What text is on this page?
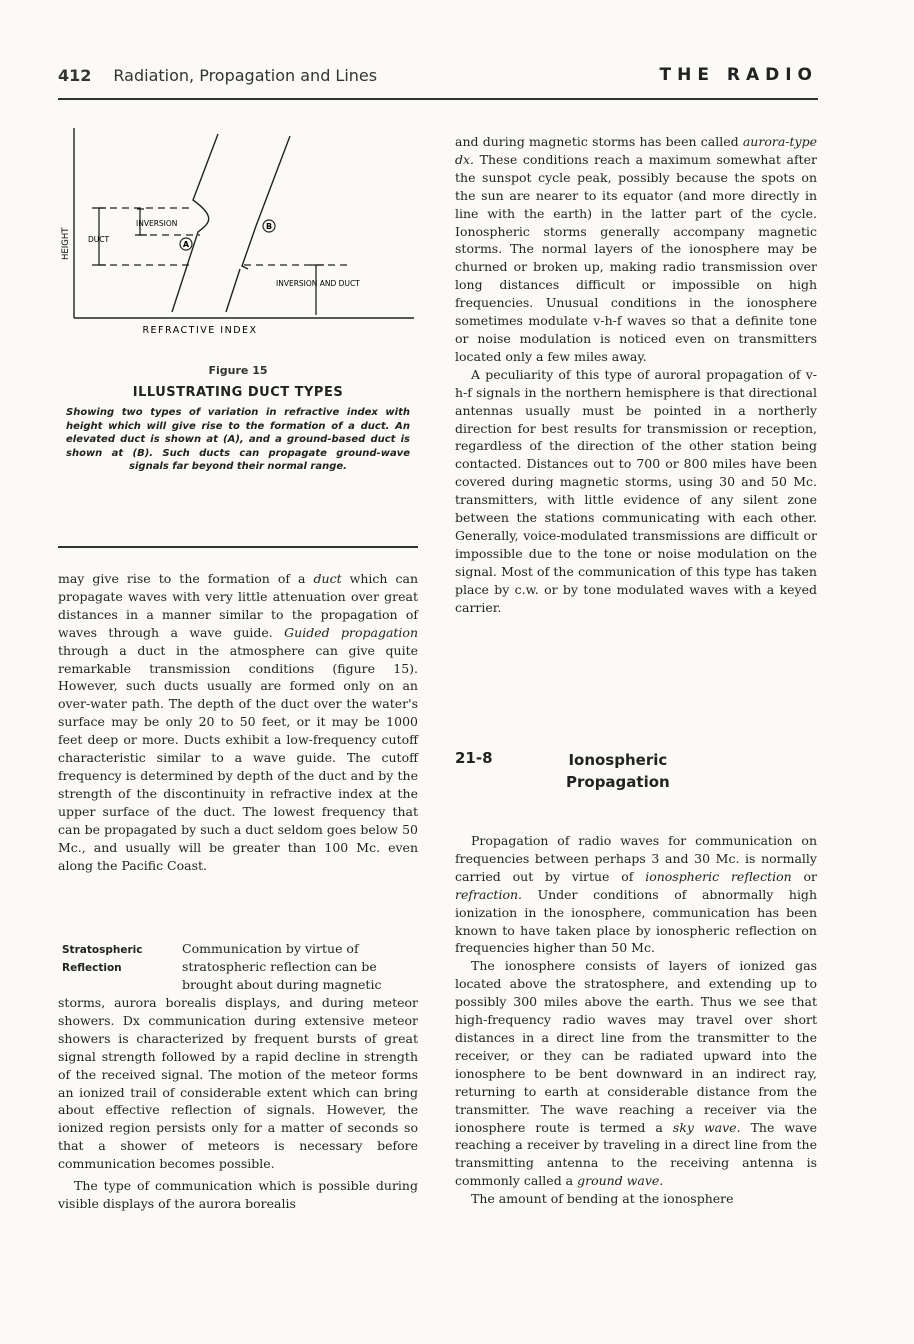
412 Radiation, Propagation and Lines	THE RADIO
A
B
INVERSION
DUCT
INVERSION AND DUCT
HEIGHT
REFRACTIVE INDEX
Figure 15
ILLUSTRATING DUCT TYPES
Showing two types of variation in refractive index with height which will give rise to the formation of a duct. An elevated duct is shown at (A), and a ground-based duct is shown at (B). Such ducts can propagate ground-wave signals far beyond their normal range.

may give rise to the formation of a duct which can propagate waves with very little attenuation over great distances in a manner similar to the propagation of waves through a wave guide. Guided propagation through a duct in the atmosphere can give quite remarkable transmission conditions (figure 15). However, such ducts usually are formed only on an over-water path. The depth of the duct over the water's surface may be only 20 to 50 feet, or it may be 1000 feet deep or more. Ducts exhibit a low-frequency cutoff characteristic similar to a wave guide. The cutoff frequency is determined by depth of the duct and by the strength of the discontinuity in refractive index at the upper surface of the duct. The lowest frequency that can be propagated by such a duct seldom goes below 50 Mc., and usually will be greater than 100 Mc. even along the Pacific Coast.

Stratospheric
Reflection

Communication by virtue of

stratospheric reflection can be

brought about during magnetic

storms, aurora borealis displays, and during meteor showers. Dx communication during extensive meteor showers is characterized by frequent bursts of great signal strength followed by a rapid decline in strength of the received signal. The motion of the meteor forms an ionized trail of considerable extent which can bring about effective reflection of signals. However, the ionized region persists only for a matter of seconds so that a shower of meteors is necessary before communication becomes possible.

The type of communication which is possible during visible displays of the aurora borealis

and during magnetic storms has been called aurora-type dx. These conditions reach a maximum somewhat after the sunspot cycle peak, possibly because the spots on the sun are nearer to its equator (and more directly in line with the earth) in the latter part of the cycle. Ionospheric storms generally accompany magnetic storms. The normal layers of the ionosphere may be churned or broken up, making radio transmission over long distances difficult or impossible on high frequencies. Unusual conditions in the ionosphere sometimes modulate v-h-f waves so that a definite tone or noise modulation is noticed even on transmitters located only a few miles away.

A peculiarity of this type of auroral propagation of v-h-f signals in the northern hemisphere is that directional antennas usually must be pointed in a northerly direction for best results for transmission or reception, regardless of the direction of the other station being contacted. Distances out to 700 or 800 miles have been covered during magnetic storms, using 30 and 50 Mc. transmitters, with little evidence of any silent zone between the stations communicating with each other. Generally, voice-modulated transmissions are difficult or impossible due to the tone or noise modulation on the signal. Most of the communication of this type has taken place by c.w. or by tone modulated waves with a keyed carrier.

21-8	Ionospheric
Propagation

Propagation of radio waves for communication on frequencies between perhaps 3 and 30 Mc. is normally carried out by virtue of ionospheric reflection or refraction. Under conditions of abnormally high ionization in the ionosphere, communication has been known to have taken place by ionospheric reflection on frequencies higher than 50 Mc.

The ionosphere consists of layers of ionized gas located above the stratosphere, and extending up to possibly 300 miles above the earth. Thus we see that high-frequency radio waves may travel over short distances in a direct line from the transmitter to the receiver, or they can be radiated upward into the ionosphere to be bent downward in an indirect ray, returning to earth at considerable distance from the transmitter. The wave reaching a receiver via the ionosphere route is termed a sky wave. The wave reaching a receiver by traveling in a direct line from the transmitting antenna to the receiving antenna is commonly called a ground wave.

The amount of bending at the ionosphere
